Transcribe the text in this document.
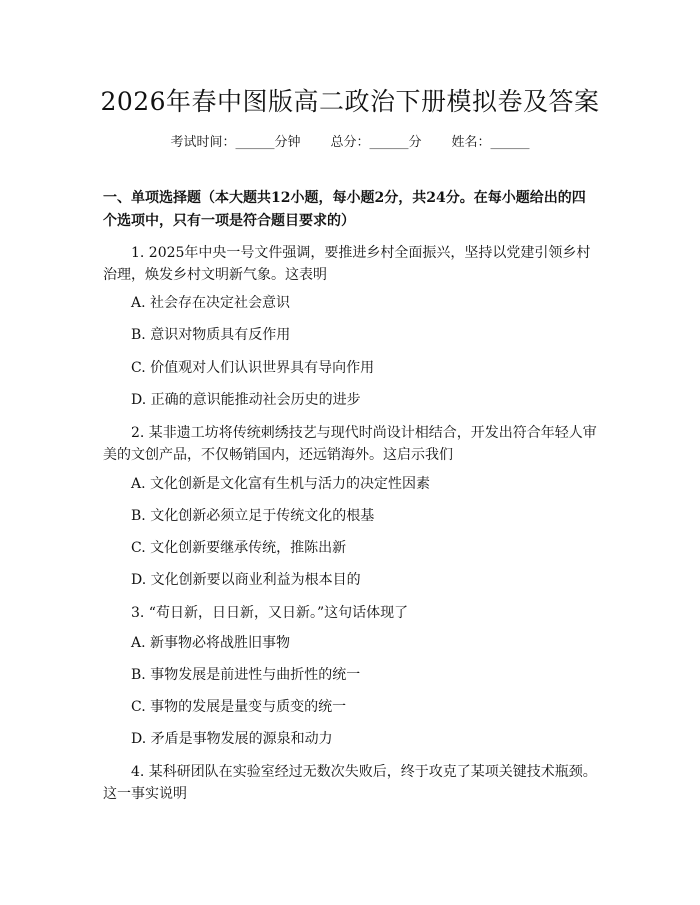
2026年春中图版高二政治下册模拟卷及答案
考试时间：______分钟 总分：______分 姓名：______
一、单项选择题（本大题共12小题，每小题2分，共24分。在每小题给出的四个选项中，只有一项是符合题目要求的）
1. 2025年中央一号文件强调，要推进乡村全面振兴，坚持以党建引领乡村治理，焕发乡村文明新气象。这表明
A. 社会存在决定社会意识
B. 意识对物质具有反作用
C. 价值观对人们认识世界具有导向作用
D. 正确的意识能推动社会历史的进步
2. 某非遗工坊将传统刺绣技艺与现代时尚设计相结合，开发出符合年轻人审美的文创产品，不仅畅销国内，还远销海外。这启示我们
A. 文化创新是文化富有生机与活力的决定性因素
B. 文化创新必须立足于传统文化的根基
C. 文化创新要继承传统，推陈出新
D. 文化创新要以商业利益为根本目的
3. “苟日新，日日新，又日新。”这句话体现了
A. 新事物必将战胜旧事物
B. 事物发展是前进性与曲折性的统一
C. 事物的发展是量变与质变的统一
D. 矛盾是事物发展的源泉和动力
4. 某科研团队在实验室经过无数次失败后，终于攻克了某项关键技术瓶颈。这一事实说明
